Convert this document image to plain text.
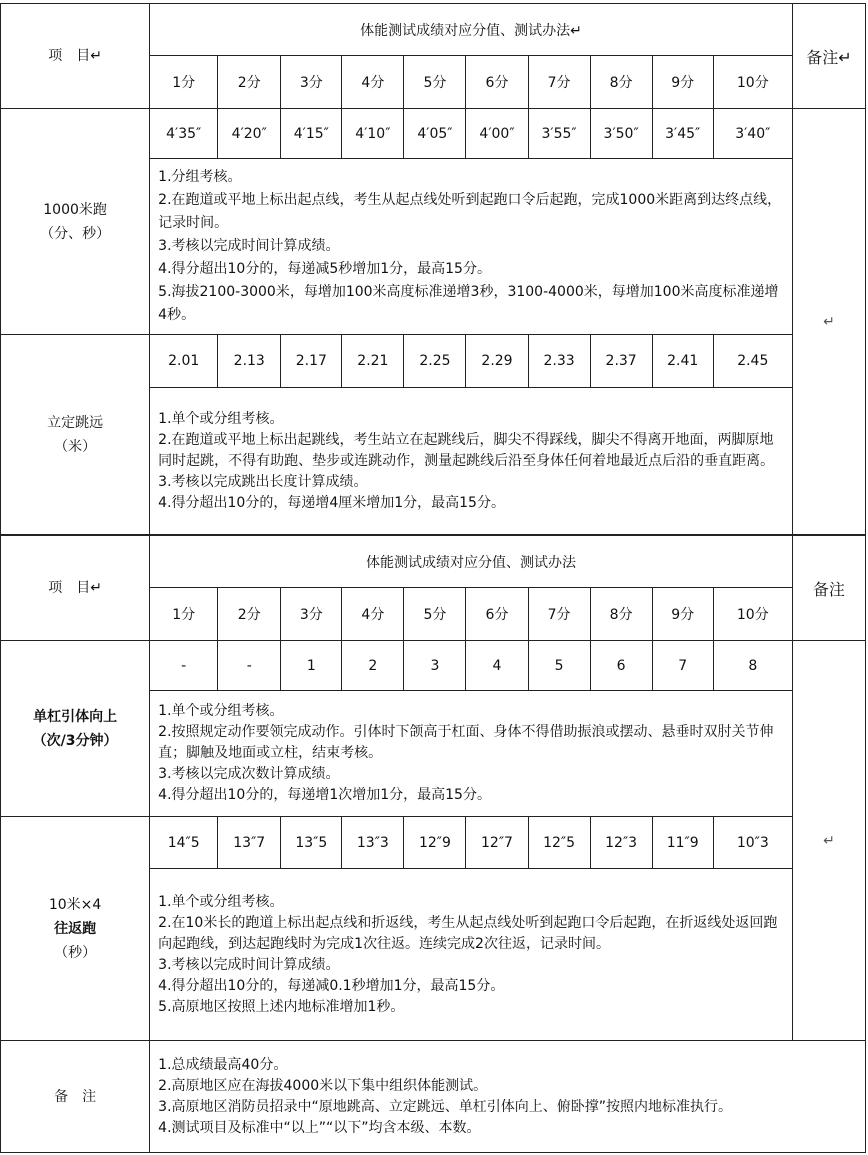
项　目↵	体能测试成绩对应分值、测试办法↵										备注↵
	1分	2分	3分	4分	5分	6分	7分	8分	9分	10分	

1000米跑
（分、秒）	4′35″	4′20″	4′15″	4′10″	4′05″	4′00″	3′55″	3′50″	3′45″	3′40″	↵

	1.分组考核。
2.在跑道或平地上标出起点线，考生从起点线处听到起跑口令后起跑，完成1000米距离到达终点线，记录时间。
3.考核以完成时间计算成绩。
4.得分超出10分的，每递减5秒增加1分，最高15分。
5.海拔2100-3000米，每增加100米高度标准递增3秒，3100-4000米，每增加100米高度标准递增4秒。										

立定跳远
（米）	2.01	2.13	2.17	2.21	2.25	2.29	2.33	2.37	2.41	2.45	

	1.单个或分组考核。
2.在跑道或平地上标出起跳线，考生站立在起跳线后，脚尖不得踩线，脚尖不得离开地面，两脚原地同时起跳，不得有助跑、垫步或连跳动作，测量起跳线后沿至身体任何着地最近点后沿的垂直距离。
3.考核以完成跳出长度计算成绩。
4.得分超出10分的，每递增4厘米增加1分，最高15分。										
项　目↵	体能测试成绩对应分值、测试办法										备注
	1分	2分	3分	4分	5分	6分	7分	8分	9分	10分	

单杠引体向上
（次/3分钟）	-	-	1	2	3	4	5	6	7	8	↵

	1.单个或分组考核。
2.按照规定动作要领完成动作。引体时下颌高于杠面、身体不得借助振浪或摆动、悬垂时双肘关节伸直；脚触及地面或立柱，结束考核。
3.考核以完成次数计算成绩。
4.得分超出10分的，每递增1次增加1分，最高15分。										

10米×4
往返跑
（秒）	14″5	13″7	13″5	13″3	12″9	12″7	12″5	12″3	11″9	10″3	

	1.单个或分组考核。
2.在10米长的跑道上标出起点线和折返线，考生从起点线处听到起跑口令后起跑，在折返线处返回跑向起跑线，到达起跑线时为完成1次往返。连续完成2次往返，记录时间。
3.考核以完成时间计算成绩。
4.得分超出10分的，每递减0.1秒增加1分，最高15分。
5.高原地区按照上述内地标准增加1秒。										

备　注	1.总成绩最高40分。
2.高原地区应在海拔4000米以下集中组织体能测试。
3.高原地区消防员招录中“原地跳高、立定跳远、单杠引体向上、俯卧撑”按照内地标准执行。
4.测试项目及标准中“以上”“以下”均含本级、本数。										
